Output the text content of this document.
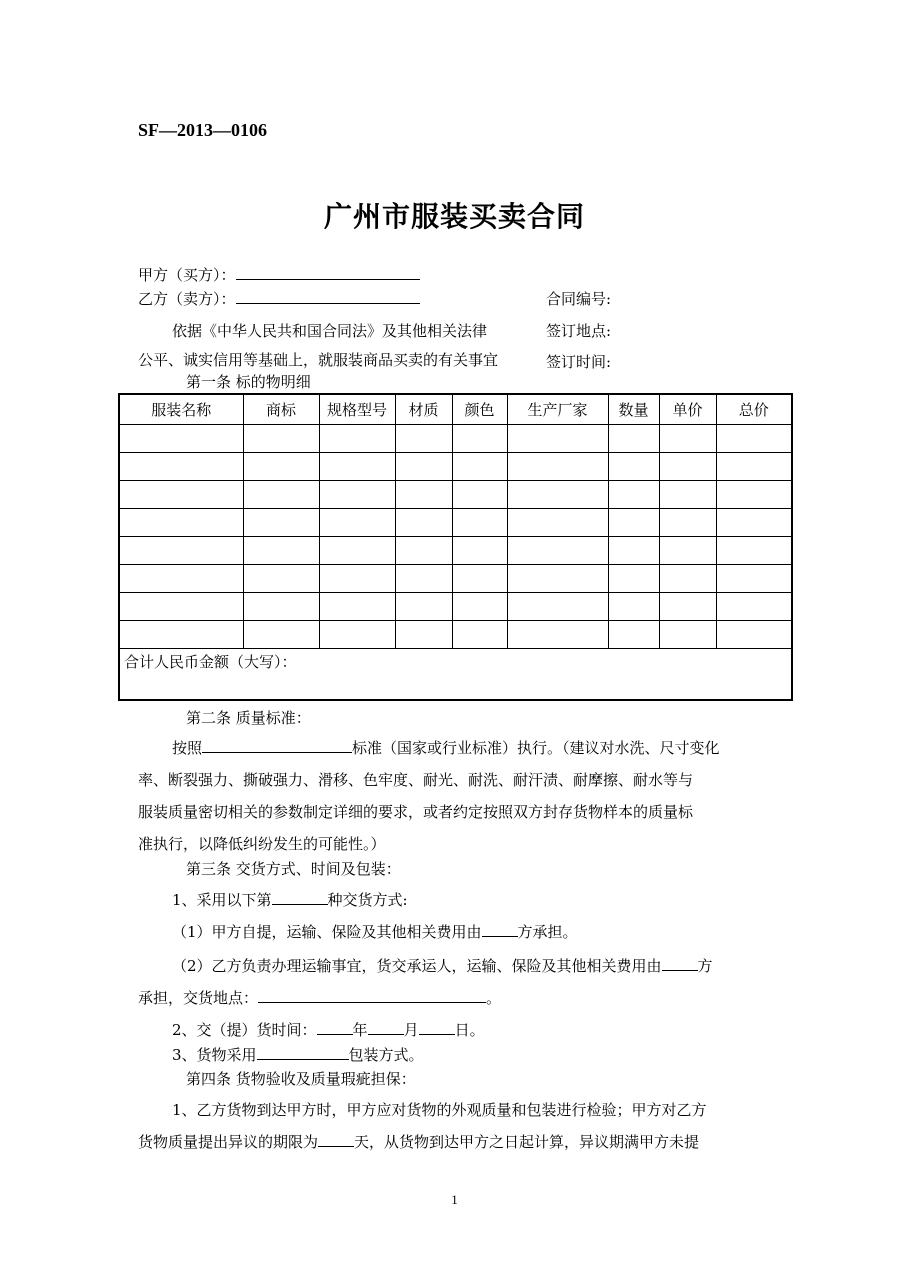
SF—2013—0106
广州市服装买卖合同
甲方（买方）：
乙方（卖方）：	合同编号:
签订地点:
签订时间:
依据《中华人民共和国合同法》及其他相关法律
公平、诚实信用等基础上，就服装商品买卖的有关事宜
第一条 标的物明细
服装名称	商标	规格型号	材质	颜色	生产厂家	数量	单价	总价

合计人民币金额（大写）：								
第二条 质量标准：
按照	标准（国家或行业标准）执行。（建议对水洗、尺寸变化
率、断裂强力、撕破强力、滑移、色牢度、耐光、耐洗、耐汗渍、耐摩擦、耐水等与
服装质量密切相关的参数制定详细的要求，或者约定按照双方封存货物样本的质量标
准执行，以降低纠纷发生的可能性。）
第三条 交货方式、时间及包装：
1、采用以下第	种交货方式:
（1）甲方自提，运输、保险及其他相关费用由 方承担。
（2）乙方负责办理运输事宜，货交承运人，运输、保险及其他相关费用由 方
承担，交货地点：	。
2、交（提）货时间： 年 月 日。
3、货物采用	包装方式。
第四条 货物验收及质量瑕疵担保：
1、乙方货物到达甲方时，甲方应对货物的外观质量和包装进行检验；甲方对乙方
货物质量提出异议的期限为 天，从货物到达甲方之日起计算，异议期满甲方未提
1
